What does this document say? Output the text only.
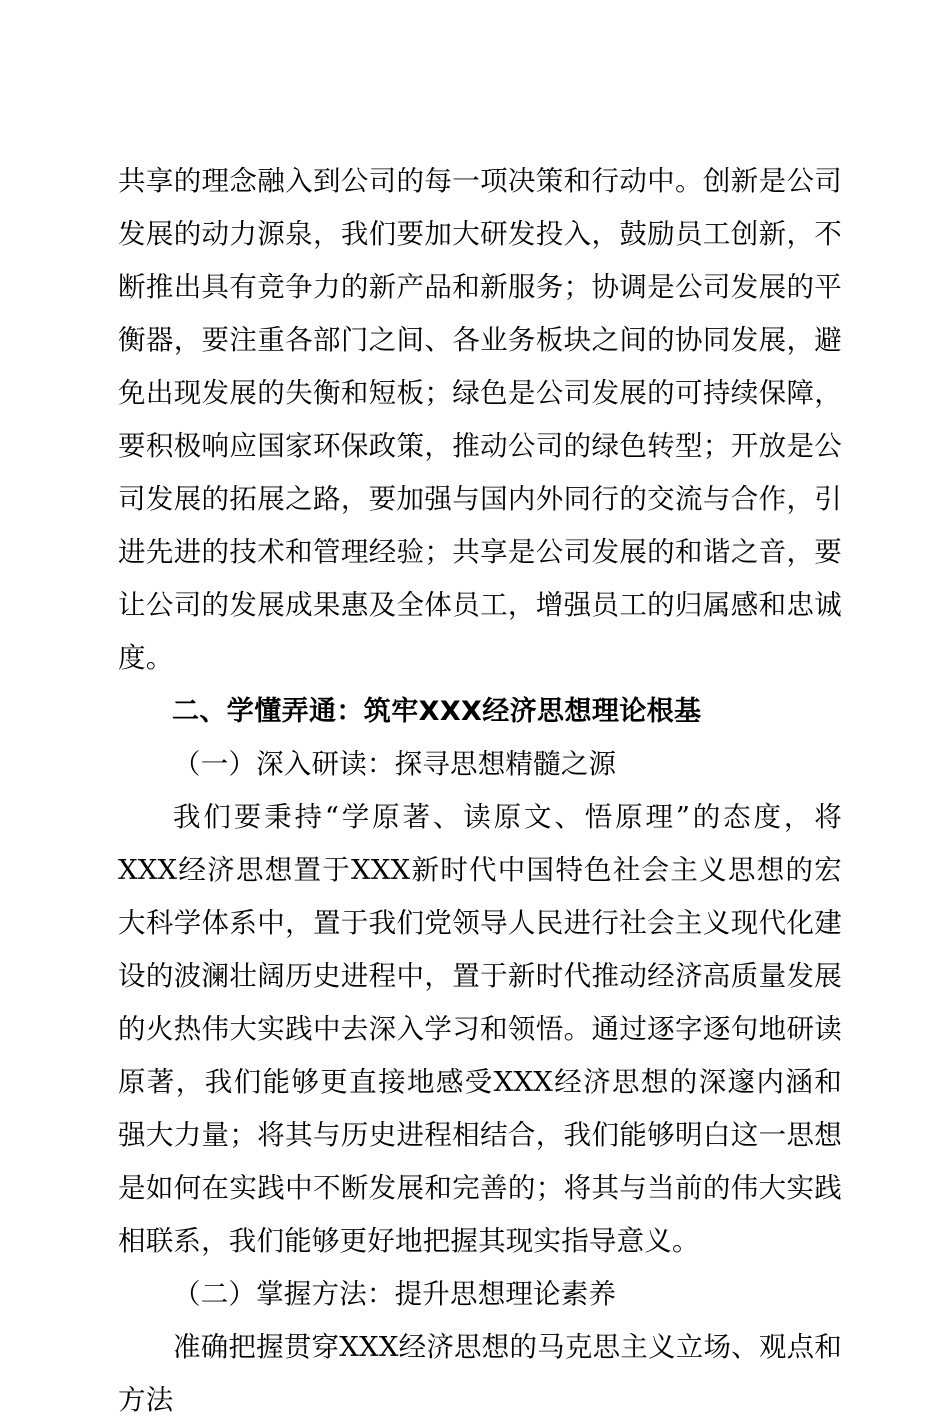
共享的理念融入到公司的每一项决策和行动中。创新是公司发展的动力源泉，我们要加大研发投入，鼓励员工创新，不断推出具有竞争力的新产品和新服务；协调是公司发展的平衡器，要注重各部门之间、各业务板块之间的协同发展，避免出现发展的失衡和短板；绿色是公司发展的可持续保障，要积极响应国家环保政策，推动公司的绿色转型；开放是公司发展的拓展之路，要加强与国内外同行的交流与合作，引进先进的技术和管理经验；共享是公司发展的和谐之音，要让公司的发展成果惠及全体员工，增强员工的归属感和忠诚度。

二、学懂弄通：筑牢XXX经济思想理论根基

（一）深入研读：探寻思想精髓之源

我们要秉持“学原著、读原文、悟原理”的态度，将XXX经济思想置于XXX新时代中国特色社会主义思想的宏大科学体系中，置于我们党领导人民进行社会主义现代化建设的波澜壮阔历史进程中，置于新时代推动经济高质量发展的火热伟大实践中去深入学习和领悟。通过逐字逐句地研读原著，我们能够更直接地感受XXX经济思想的深邃内涵和强大力量；将其与历史进程相结合，我们能够明白这一思想是如何在实践中不断发展和完善的；将其与当前的伟大实践相联系，我们能够更好地把握其现实指导意义。

（二）掌握方法：提升思想理论素养

准确把握贯穿XXX经济思想的马克思主义立场、观点和方法
